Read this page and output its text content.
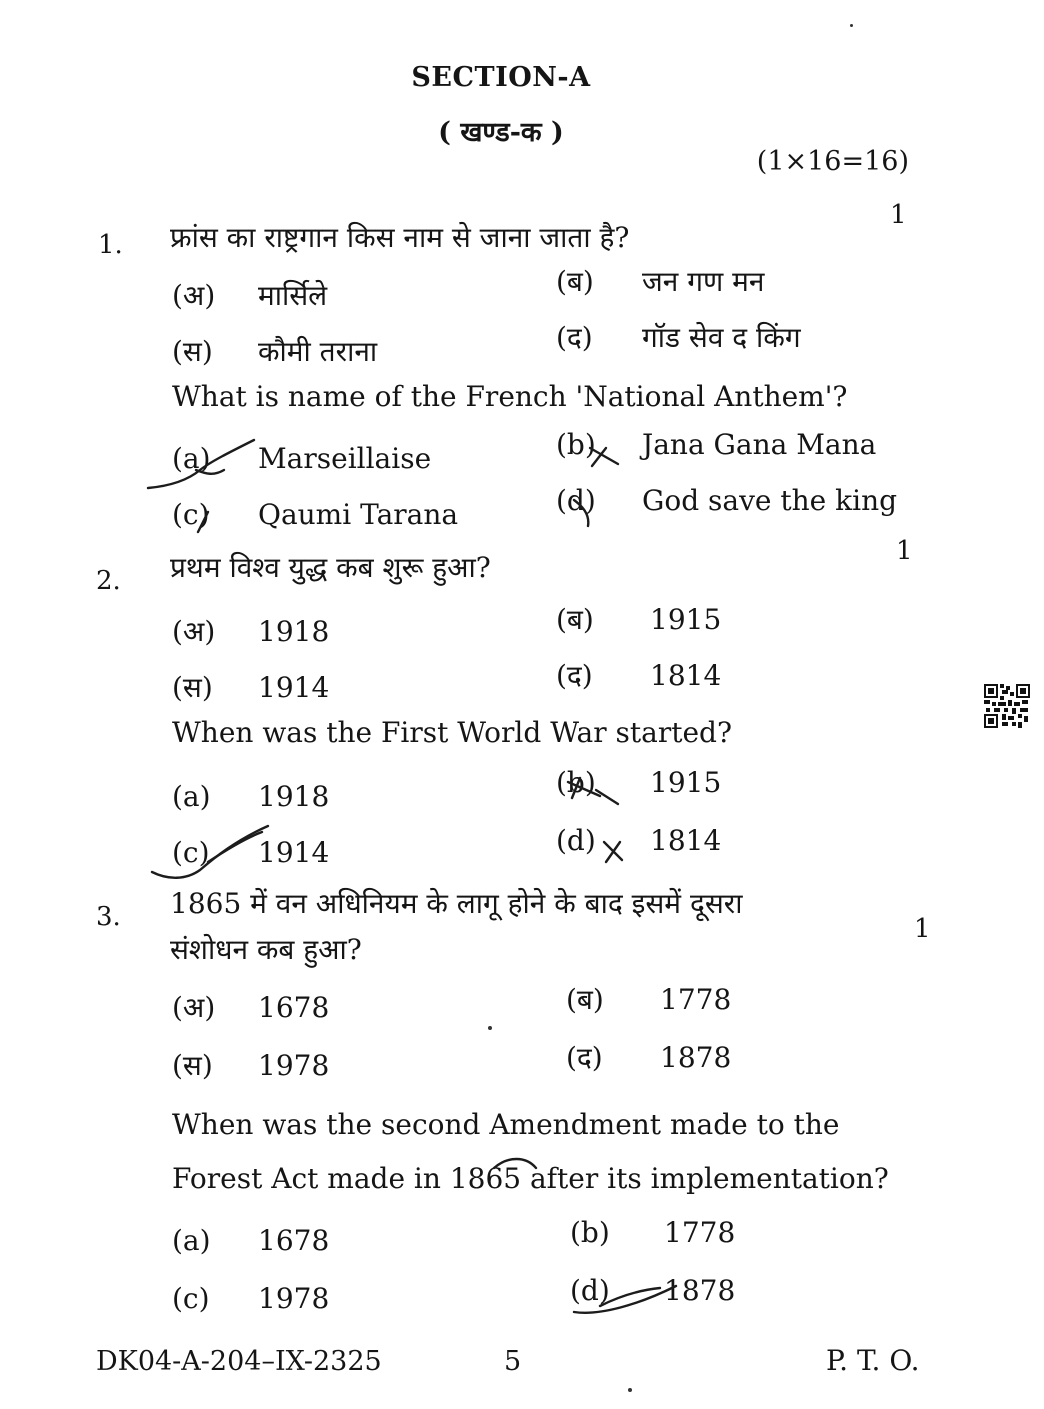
SECTION-A
( खण्ड-क )
(1×16=16)
1. फ्रांस का राष्ट्रगान किस नाम से जाना जाता है?
1
(अ) मार्सिले	(ब) जन गण मन
(स) कौमी तराना	(द) गॉड सेव द किंग
What is name of the French 'National Anthem'?
(a) Marseillaise	(b) Jana Gana Mana
(c) Qaumi Tarana	(d) God save the king
2. प्रथम विश्व युद्ध कब शुरू हुआ?	1
(अ) 1918	(ब) 1915
(स) 1914	(द) 1814
When was the First World War started?
(a) 1918	(b) 1915
(c) 1914	(d) 1814
3. 1865 में वन अधिनियम के लागू होने के बाद इसमें दूसरा
संशोधन कब हुआ?
1
(अ) 1678	(ब) 1778
(स) 1978	(द) 1878
When was the second Amendment made to the
Forest Act made in 1865 after its implementation?
(a) 1678	(b) 1778
(c) 1978	(d) 1878
DK04-A-204–IX-2325	5	P. T. O.
